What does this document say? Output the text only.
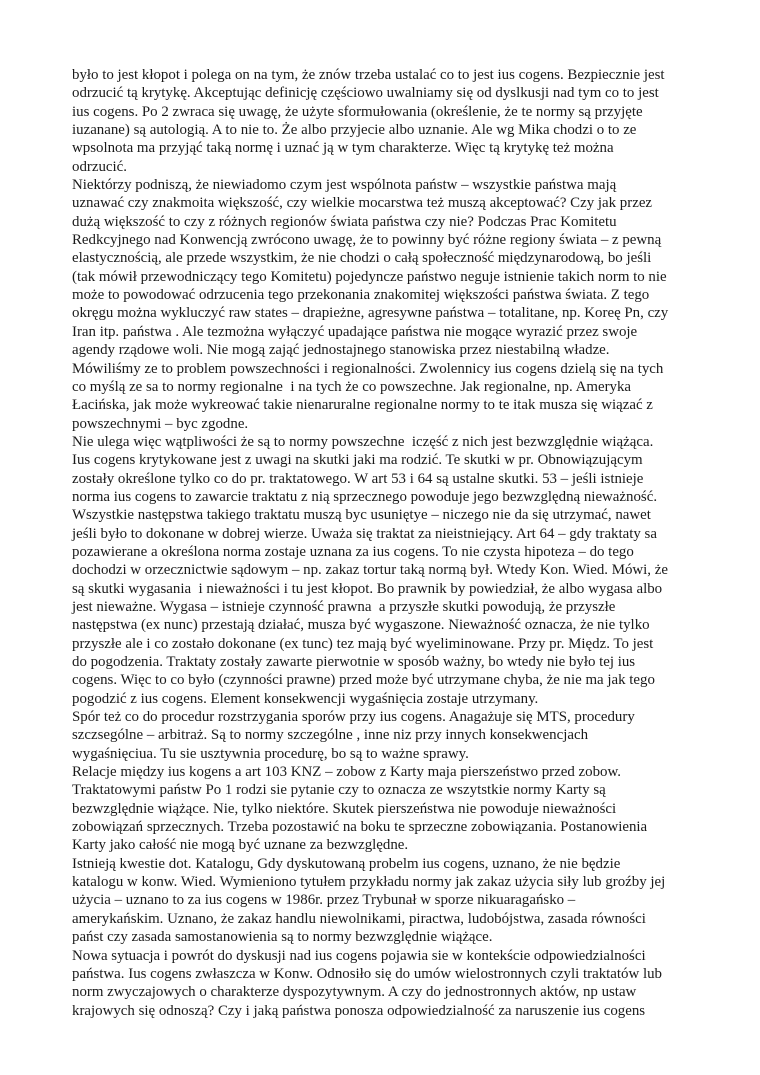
było to jest kłopot i polega on na tym, że znów trzeba ustalać co to jest ius cogens. Bezpiecznie jest
odrzucić tą krytykę. Akceptując definicję częściowo uwalniamy się od dyslkusji nad tym co to jest
ius cogens. Po 2 zwraca się uwagę, że użyte sformułowania (określenie, że te normy są przyjęte
iuzanane) są autologią. A to nie to. Że albo przyjecie albo uznanie. Ale wg Mika chodzi o to ze
wpsolnota ma przyjąć taką normę i uznać ją w tym charakterze. Więc tą krytykę też można
odrzucić.
Niektórzy podniszą, że niewiadomo czym jest wspólnota państw – wszystkie państwa mają
uznawać czy znakmoita większość, czy wielkie mocarstwa też muszą akceptować? Czy jak przez
dużą większość to czy z różnych regionów świata państwa czy nie? Podczas Prac Komitetu
Redkcyjnego nad Konwencją zwrócono uwagę, że to powinny być różne regiony świata – z pewną
elastycznością, ale przede wszystkim, że nie chodzi o całą społeczność międzynarodową, bo jeśli
(tak mówił przewodniczący tego Komitetu) pojedyncze państwo neguje istnienie takich norm to nie
może to powodować odrzucenia tego przekonania znakomitej większości państwa świata. Z tego
okręgu można wykluczyć raw states – drapieżne, agresywne państwa – totalitane, np. Koreę Pn, czy
Iran itp. państwa . Ale tezmożna wyłączyć upadające państwa nie mogące wyrazić przez swoje
agendy rządowe woli. Nie mogą zająć jednostajnego stanowiska przez niestabilną władze.
Mówiliśmy ze to problem powszechności i regionalności. Zwolennicy ius cogens dzielą się na tych
co myślą ze sa to normy regionalne  i na tych że co powszechne. Jak regionalne, np. Ameryka
Łacińska, jak może wykreować takie nienaruralne regionalne normy to te itak musza się wiązać z
powszechnymi – byc zgodne.
Nie ulega więc wątpliwości że są to normy powszechne  iczęść z nich jest bezwzględnie wiążąca.
Ius cogens krytykowane jest z uwagi na skutki jaki ma rodzić. Te skutki w pr. Obnowiązującym
zostały określone tylko co do pr. traktatowego. W art 53 i 64 są ustalne skutki. 53 – jeśli istnieje
norma ius cogens to zawarcie traktatu z nią sprzecznego powoduje jego bezwzględną nieważność.
Wszystkie następstwa takiego traktatu muszą byc usuniętye – niczego nie da się utrzymać, nawet
jeśli było to dokonane w dobrej wierze. Uważa się traktat za nieistniejący. Art 64 – gdy traktaty sa
pozawierane a określona norma zostaje uznana za ius cogens. To nie czysta hipoteza – do tego
dochodzi w orzecznictwie sądowym – np. zakaz tortur taką normą był. Wtedy Kon. Wied. Mówi, że
są skutki wygasania  i nieważności i tu jest kłopot. Bo prawnik by powiedział, że albo wygasa albo
jest nieważne. Wygasa – istnieje czynność prawna  a przyszłe skutki powodują, że przyszłe
następstwa (ex nunc) przestają działać, musza być wygaszone. Nieważność oznacza, że nie tylko
przyszłe ale i co zostało dokonane (ex tunc) tez mają być wyeliminowane. Przy pr. Międz. To jest
do pogodzenia. Traktaty zostały zawarte pierwotnie w sposób ważny, bo wtedy nie było tej ius
cogens. Więc to co było (czynności prawne) przed może być utrzymane chyba, że nie ma jak tego
pogodzić z ius cogens. Element konsekwencji wygaśnięcia zostaje utrzymany.
Spór też co do procedur rozstrzygania sporów przy ius cogens. Anagażuje się MTS, procedury
szczsególne – arbitraż. Są to normy szczególne , inne niz przy innych konsekwencjach
wygaśnięciua. Tu sie usztywnia procedurę, bo są to ważne sprawy.
Relacje między ius kogens a art 103 KNZ – zobow z Karty maja pierszeństwo przed zobow.
Traktatowymi państw Po 1 rodzi sie pytanie czy to oznacza ze wszytstkie normy Karty są
bezwzględnie wiążące. Nie, tylko niektóre. Skutek pierszeństwa nie powoduje nieważności
zobowiązań sprzecznych. Trzeba pozostawić na boku te sprzeczne zobowiązania. Postanowienia
Karty jako całość nie mogą być uznane za bezwzględne.
Istnieją kwestie dot. Katalogu, Gdy dyskutowaną probelm ius cogens, uznano, że nie będzie
katalogu w konw. Wied. Wymieniono tytułem przykładu normy jak zakaz użycia siły lub groźby jej
użycia – uznano to za ius cogens w 1986r. przez Trybunał w sporze nikuaragańsko –
amerykańskim. Uznano, że zakaz handlu niewolnikami, piractwa, ludobójstwa, zasada równości
państ czy zasada samostanowienia są to normy bezwzględnie wiążące.
Nowa sytuacja i powrót do dyskusji nad ius cogens pojawia sie w kontekście odpowiedzialności
państwa. Ius cogens zwłaszcza w Konw. Odnosiło się do umów wielostronnych czyli traktatów lub
norm zwyczajowych o charakterze dyspozytywnym. A czy do jednostronnych aktów, np ustaw
krajowych się odnoszą? Czy i jaką państwa ponosza odpowiedzialność za naruszenie ius cogens
